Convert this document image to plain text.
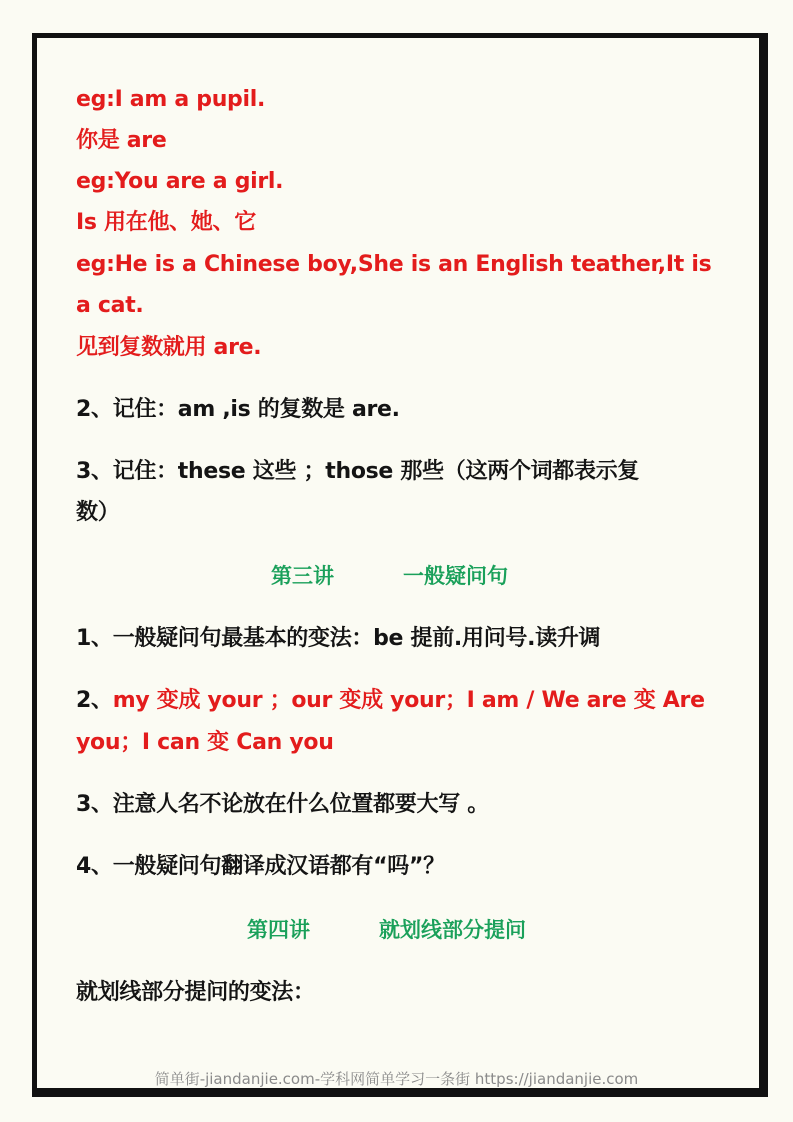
eg:I am a pupil.
你是 are
eg:You are a girl.
Is 用在他、她、它
eg:He is a Chinese boy,She is an English teather,It is
a cat.
见到复数就用 are.
2、记住：am ,is 的复数是 are.
3、记住：these 这些 ；those 那些（这两个词都表示复
数）
第三讲	一般疑问句
1、一般疑问句最基本的变法：be 提前.用问号.读升调
2、my 变成 your ；our 变成 your；I am / We are 变 Are
you；I can 变 Can you
3、注意人名不论放在什么位置都要大写 。
4、一般疑问句翻译成汉语都有“吗”？
第四讲	就划线部分提问
就划线部分提问的变法：
简单街-jiandanjie.com-学科网简单学习一条街 https://jiandanjie.com
